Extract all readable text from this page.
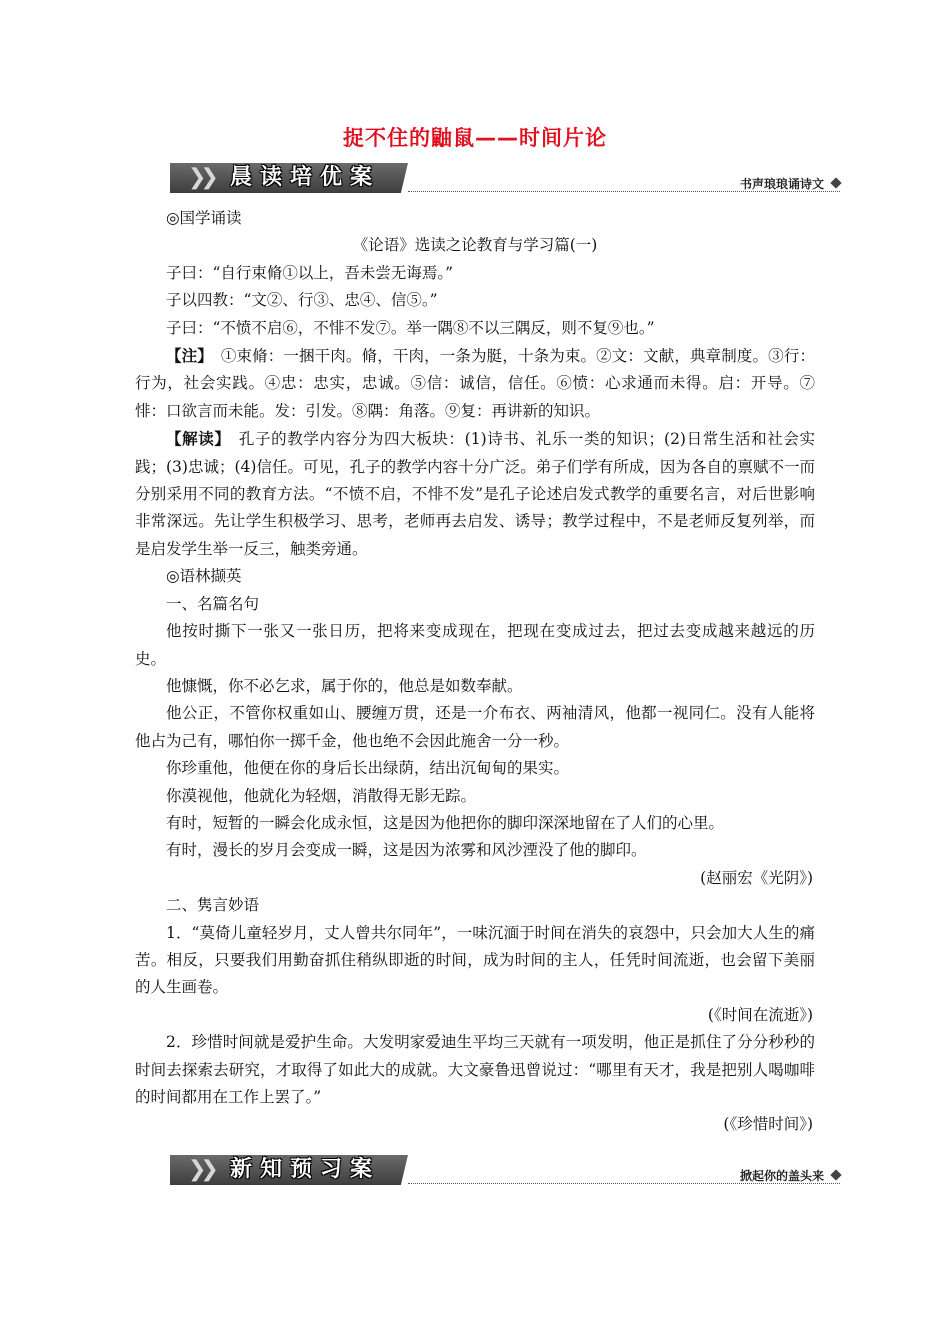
捉不住的鼬鼠——时间片论
❯❯ 晨读培优案	书声琅琅诵诗文

◎国学诵读

《论语》选读之论教育与学习篇(一)

子曰：“自行束脩①以上，吾未尝无诲焉。”

子以四教：“文②、行③、忠④、信⑤。”

子曰：“不愤不启⑥，不悱不发⑦。举一隅⑧不以三隅反，则不复⑨也。”

【注】　 ①束脩：一捆干肉。脩，干肉，一条为脡，十条为束。②文：文献，典章制度。③行：行为，社会实践。④忠：忠实，忠诚。⑤信：诚信，信任。⑥愤：心求通而未得。启：开导。⑦悱：口欲言而未能。发：引发。⑧隅：角落。⑨复：再讲新的知识。

【解读】　 孔子的教学内容分为四大板块：(1)诗书、礼乐一类的知识；(2)日常生活和社会实践；(3)忠诚；(4)信任。可见，孔子的教学内容十分广泛。弟子们学有所成，因为各自的禀赋不一而分别采用不同的教育方法。“不愤不启，不悱不发”是孔子论述启发式教学的重要名言，对后世影响非常深远。先让学生积极学习、思考，老师再去启发、诱导；教学过程中，不是老师反复列举，而是启发学生举一反三，触类旁通。

◎语林撷英

一、名篇名句

他按时撕下一张又一张日历，把将来变成现在，把现在变成过去，把过去变成越来越远的历史。

他慷慨，你不必乞求，属于你的，他总是如数奉献。

他公正，不管你权重如山、腰缠万贯，还是一介布衣、两袖清风，他都一视同仁。没有人能将他占为己有，哪怕你一掷千金，他也绝不会因此施舍一分一秒。

你珍重他，他便在你的身后长出绿荫，结出沉甸甸的果实。

你漠视他，他就化为轻烟，消散得无影无踪。

有时，短暂的一瞬会化成永恒，这是因为他把你的脚印深深地留在了人们的心里。

有时，漫长的岁月会变成一瞬，这是因为浓雾和风沙湮没了他的脚印。

(赵丽宏《光阴》)

二、隽言妙语

1．“莫倚儿童轻岁月，丈人曾共尔同年”，一味沉湎于时间在消失的哀怨中，只会加大人生的痛苦。相反，只要我们用勤奋抓住稍纵即逝的时间，成为时间的主人，任凭时间流逝，也会留下美丽的人生画卷。

(《时间在流逝》)

2．珍惜时间就是爱护生命。大发明家爱迪生平均三天就有一项发明，他正是抓住了分分秒秒的时间去探索去研究，才取得了如此大的成就。大文豪鲁迅曾说过：“哪里有天才，我是把别人喝咖啡的时间都用在工作上罢了。”

(《珍惜时间》)

❯❯ 新知预习案	掀起你的盖头来
